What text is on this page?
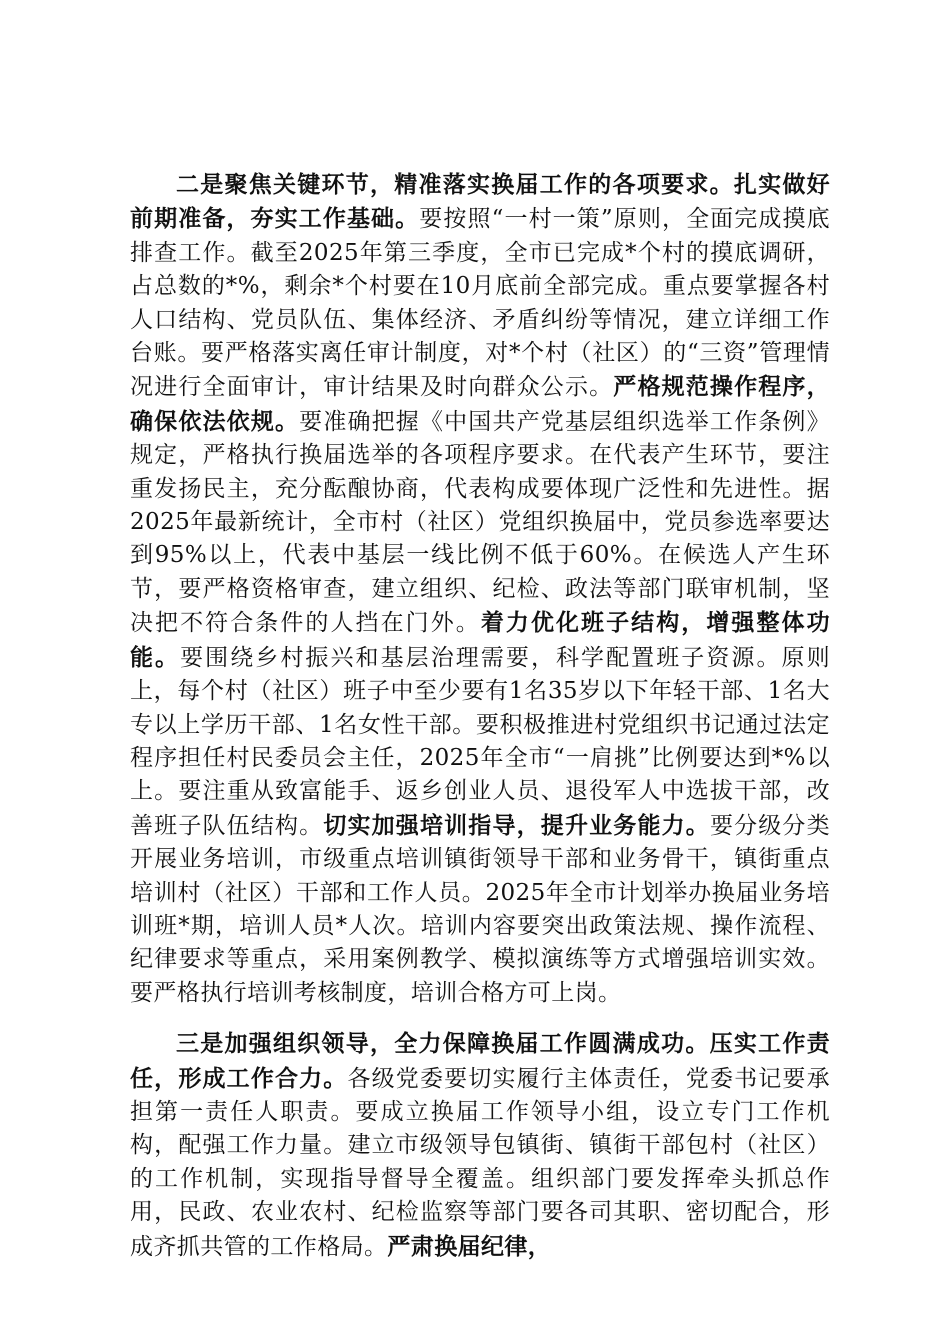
二是聚焦关键环节，精准落实换届工作的各项要求。扎实做好前期准备，夯实工作基础。要按照“一村一策”原则，全面完成摸底排查工作。截至2025年第三季度，全市已完成*个村的摸底调研，占总数的*%，剩余*个村要在10月底前全部完成。重点要掌握各村人口结构、党员队伍、集体经济、矛盾纠纷等情况，建立详细工作台账。要严格落实离任审计制度，对*个村（社区）的“三资”管理情况进行全面审计，审计结果及时向群众公示。严格规范操作程序，确保依法依规。要准确把握《中国共产党基层组织选举工作条例》规定，严格执行换届选举的各项程序要求。在代表产生环节，要注重发扬民主，充分酝酿协商，代表构成要体现广泛性和先进性。据2025年最新统计，全市村（社区）党组织换届中，党员参选率要达到95%以上，代表中基层一线比例不低于60%。在候选人产生环节，要严格资格审查，建立组织、纪检、政法等部门联审机制，坚决把不符合条件的人挡在门外。着力优化班子结构，增强整体功能。要围绕乡村振兴和基层治理需要，科学配置班子资源。原则上，每个村（社区）班子中至少要有1名35岁以下年轻干部、1名大专以上学历干部、1名女性干部。要积极推进村党组织书记通过法定程序担任村民委员会主任，2025年全市“一肩挑”比例要达到*%以上。要注重从致富能手、返乡创业人员、退役军人中选拔干部，改善班子队伍结构。切实加强培训指导，提升业务能力。要分级分类开展业务培训，市级重点培训镇街领导干部和业务骨干，镇街重点培训村（社区）干部和工作人员。2025年全市计划举办换届业务培训班*期，培训人员*人次。培训内容要突出政策法规、操作流程、纪律要求等重点，采用案例教学、模拟演练等方式增强培训实效。要严格执行培训考核制度，培训合格方可上岗。

三是加强组织领导，全力保障换届工作圆满成功。压实工作责任，形成工作合力。各级党委要切实履行主体责任，党委书记要承担第一责任人职责。要成立换届工作领导小组，设立专门工作机构，配强工作力量。建立市级领导包镇街、镇街干部包村（社区）的工作机制，实现指导督导全覆盖。组织部门要发挥牵头抓总作用，民政、农业农村、纪检监察等部门要各司其职、密切配合，形成齐抓共管的工作格局。严肃换届纪律，
